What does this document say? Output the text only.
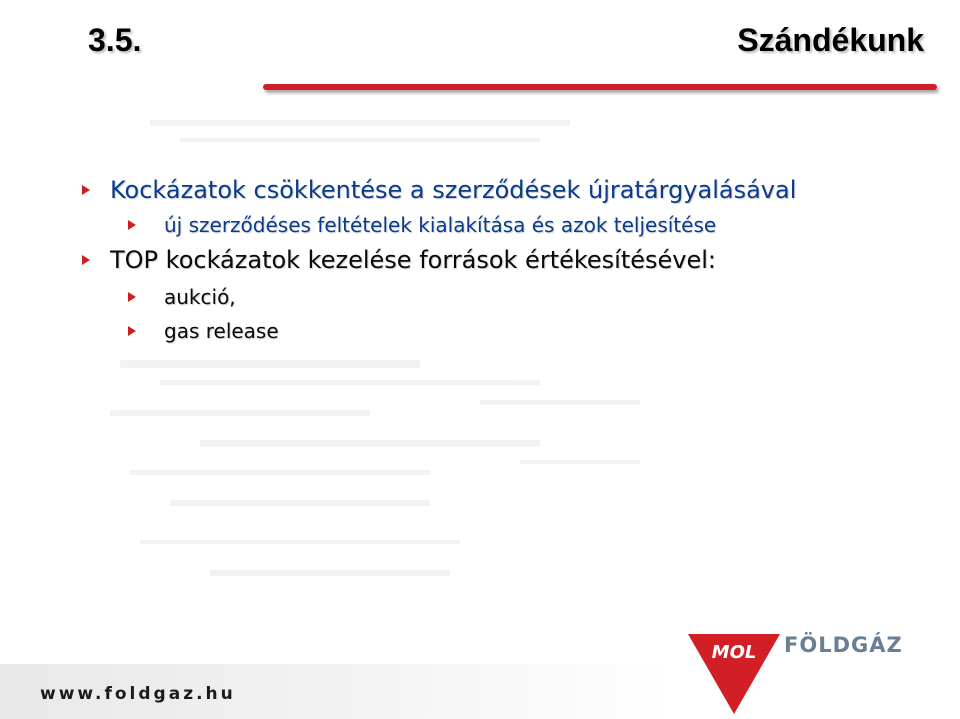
3.5.	Szándékunk
Kockázatok csökkentése a szerződések újratárgyalásával
új szerződéses feltételek kialakítása és azok teljesítése
TOP kockázatok kezelése források értékesítésével:
aukció,
gas release
www.foldgaz.hu
MOL FÖLDGÁZ
